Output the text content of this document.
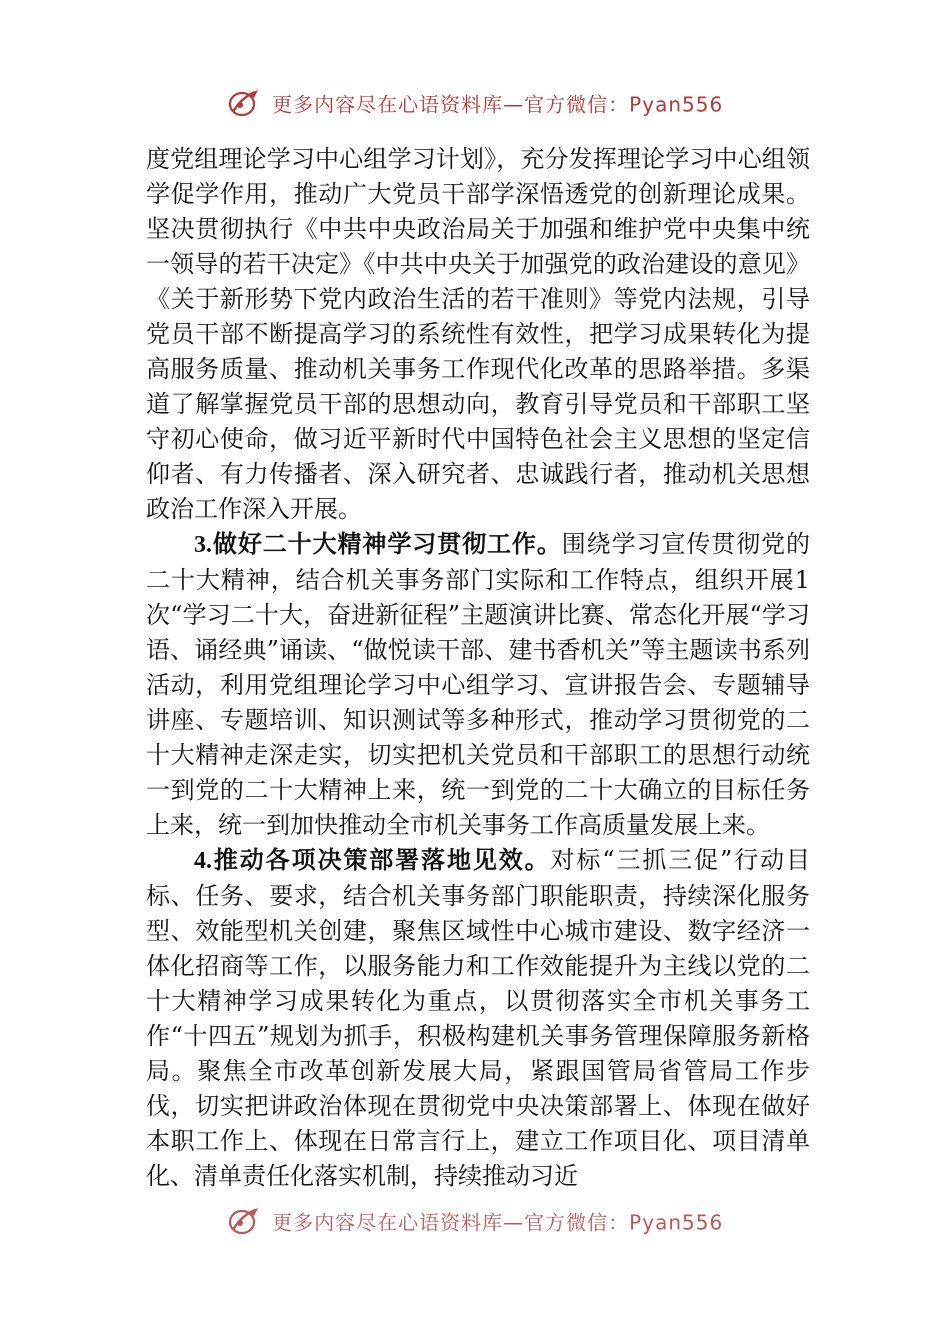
更多内容尽在心语资料库—官方微信：Pyan556

度党组理论学习中心组学习计划》，充分发挥理论学习中心组领学促学作用，推动广大党员干部学深悟透党的创新理论成果。坚决贯彻执行《中共中央政治局关于加强和维护党中央集中统一领导的若干决定》《中共中央关于加强党的政治建设的意见》《关于新形势下党内政治生活的若干准则》等党内法规，引导党员干部不断提高学习的系统性有效性，把学习成果转化为提高服务质量、推动机关事务工作现代化改革的思路举措。多渠道了解掌握党员干部的思想动向，教育引导党员和干部职工坚守初心使命，做习近平新时代中国特色社会主义思想的坚定信仰者、有力传播者、深入研究者、忠诚践行者，推动机关思想政治工作深入开展。

3.做好二十大精神学习贯彻工作。围绕学习宣传贯彻党的二十大精神，结合机关事务部门实际和工作特点，组织开展1次“学习二十大，奋进新征程”主题演讲比赛、常态化开展“学习语、诵经典”诵读、“做悦读干部、建书香机关”等主题读书系列活动，利用党组理论学习中心组学习、宣讲报告会、专题辅导讲座、专题培训、知识测试等多种形式，推动学习贯彻党的二十大精神走深走实，切实把机关党员和干部职工的思想行动统一到党的二十大精神上来，统一到党的二十大确立的目标任务上来，统一到加快推动全市机关事务工作高质量发展上来。

4.推动各项决策部署落地见效。对标“三抓三促”行动目标、任务、要求，结合机关事务部门职能职责，持续深化服务型、效能型机关创建，聚焦区域性中心城市建设、数字经济一体化招商等工作，以服务能力和工作效能提升为主线以党的二十大精神学习成果转化为重点，以贯彻落实全市机关事务工作“十四五”规划为抓手，积极构建机关事务管理保障服务新格局。聚焦全市改革创新发展大局，紧跟国管局省管局工作步伐，切实把讲政治体现在贯彻党中央决策部署上、体现在做好本职工作上、体现在日常言行上，建立工作项目化、项目清单化、清单责任化落实机制，持续推动习近

更多内容尽在心语资料库—官方微信：Pyan556
